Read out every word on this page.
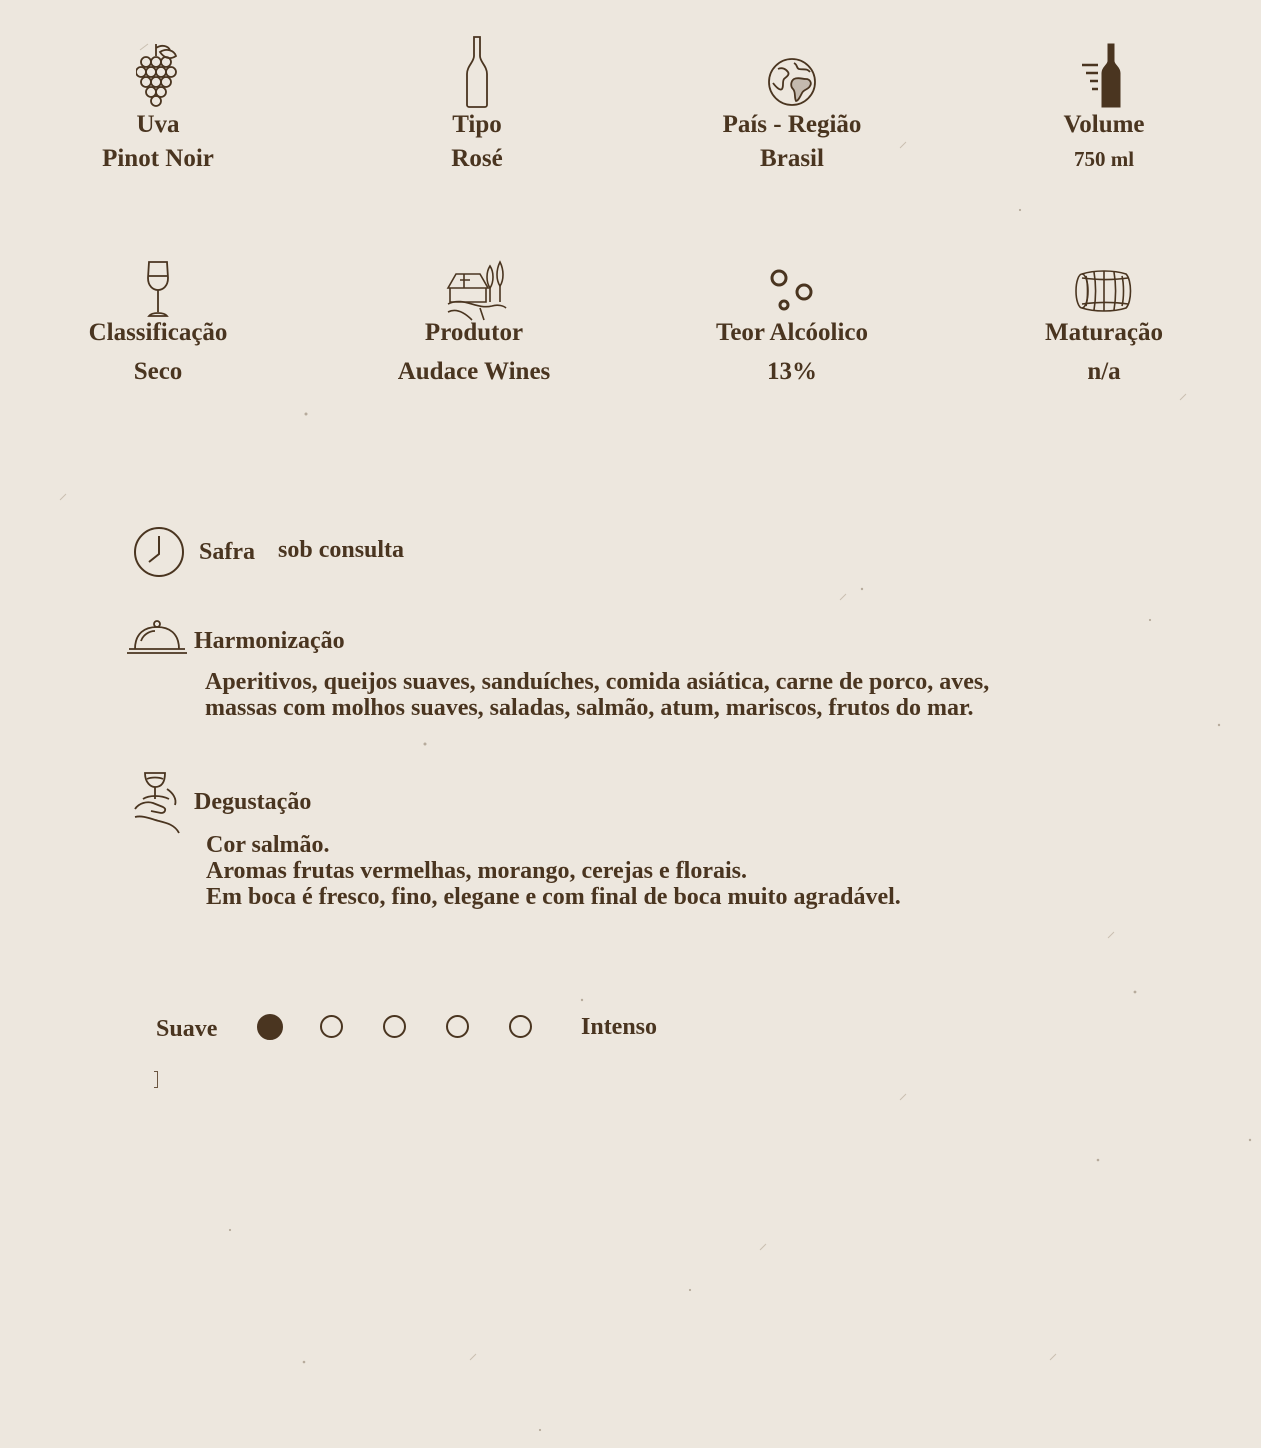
Uva
Pinot Noir
Tipo
Rosé
País - Região
Brasil
Volume
750 ml
Classificação
Seco
Produtor
Audace Wines
Teor Alcóolico
13%
Maturação
n/a
Safra sob consulta
Harmonização
Aperitivos, queijos suaves, sanduíches, comida asiática, carne de porco, aves,
massas com molhos suaves, saladas, salmão, atum, mariscos, frutos do mar.
Degustação
Cor salmão.
Aromas frutas vermelhas, morango, cerejas e florais.
Em boca é fresco, fino, elegane e com final de boca muito agradável.
Suave	Intenso
